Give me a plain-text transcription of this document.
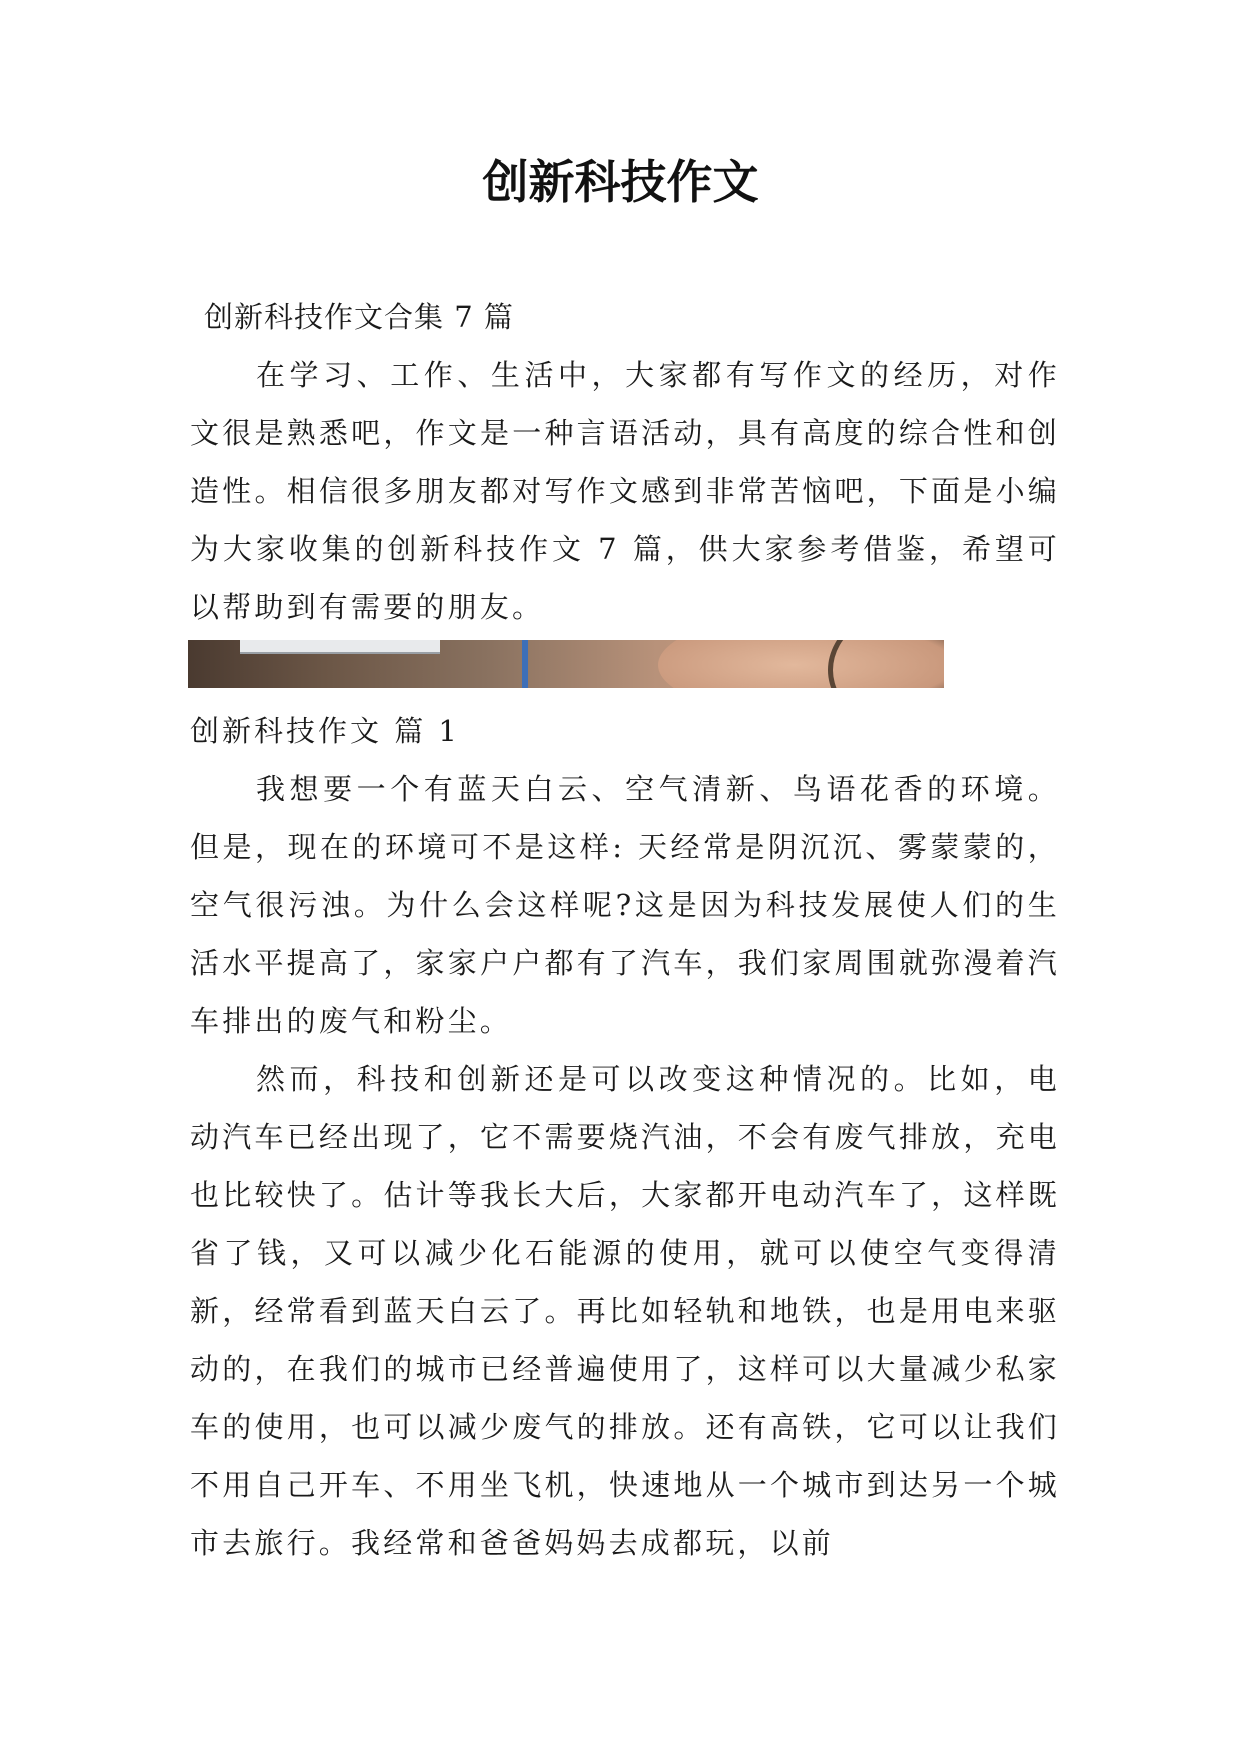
创新科技作文

创新科技作文合集 7 篇

在学习、工作、生活中，大家都有写作文的经历，对作文很是熟悉吧，作文是一种言语活动，具有高度的综合性和创造性。相信很多朋友都对写作文感到非常苦恼吧，下面是小编为大家收集的创新科技作文 7 篇，供大家参考借鉴，希望可以帮助到有需要的朋友。

创新科技作文 篇 1

我想要一个有蓝天白云、空气清新、鸟语花香的环境。但是，现在的环境可不是这样: 天经常是阴沉沉、雾蒙蒙的，空气很污浊。为什么会这样呢?这是因为科技发展使人们的生活水平提高了，家家户户都有了汽车，我们家周围就弥漫着汽车排出的废气和粉尘。

然而，科技和创新还是可以改变这种情况的。比如，电动汽车已经出现了，它不需要烧汽油，不会有废气排放，充电也比较快了。估计等我长大后，大家都开电动汽车了，这样既省了钱，又可以减少化石能源的使用，就可以使空气变得清新，经常看到蓝天白云了。再比如轻轨和地铁，也是用电来驱动的，在我们的城市已经普遍使用了，这样可以大量减少私家车的使用，也可以减少废气的排放。还有高铁，它可以让我们不用自己开车、不用坐飞机，快速地从一个城市到达另一个城市去旅行。我经常和爸爸妈妈去成都玩，以前
